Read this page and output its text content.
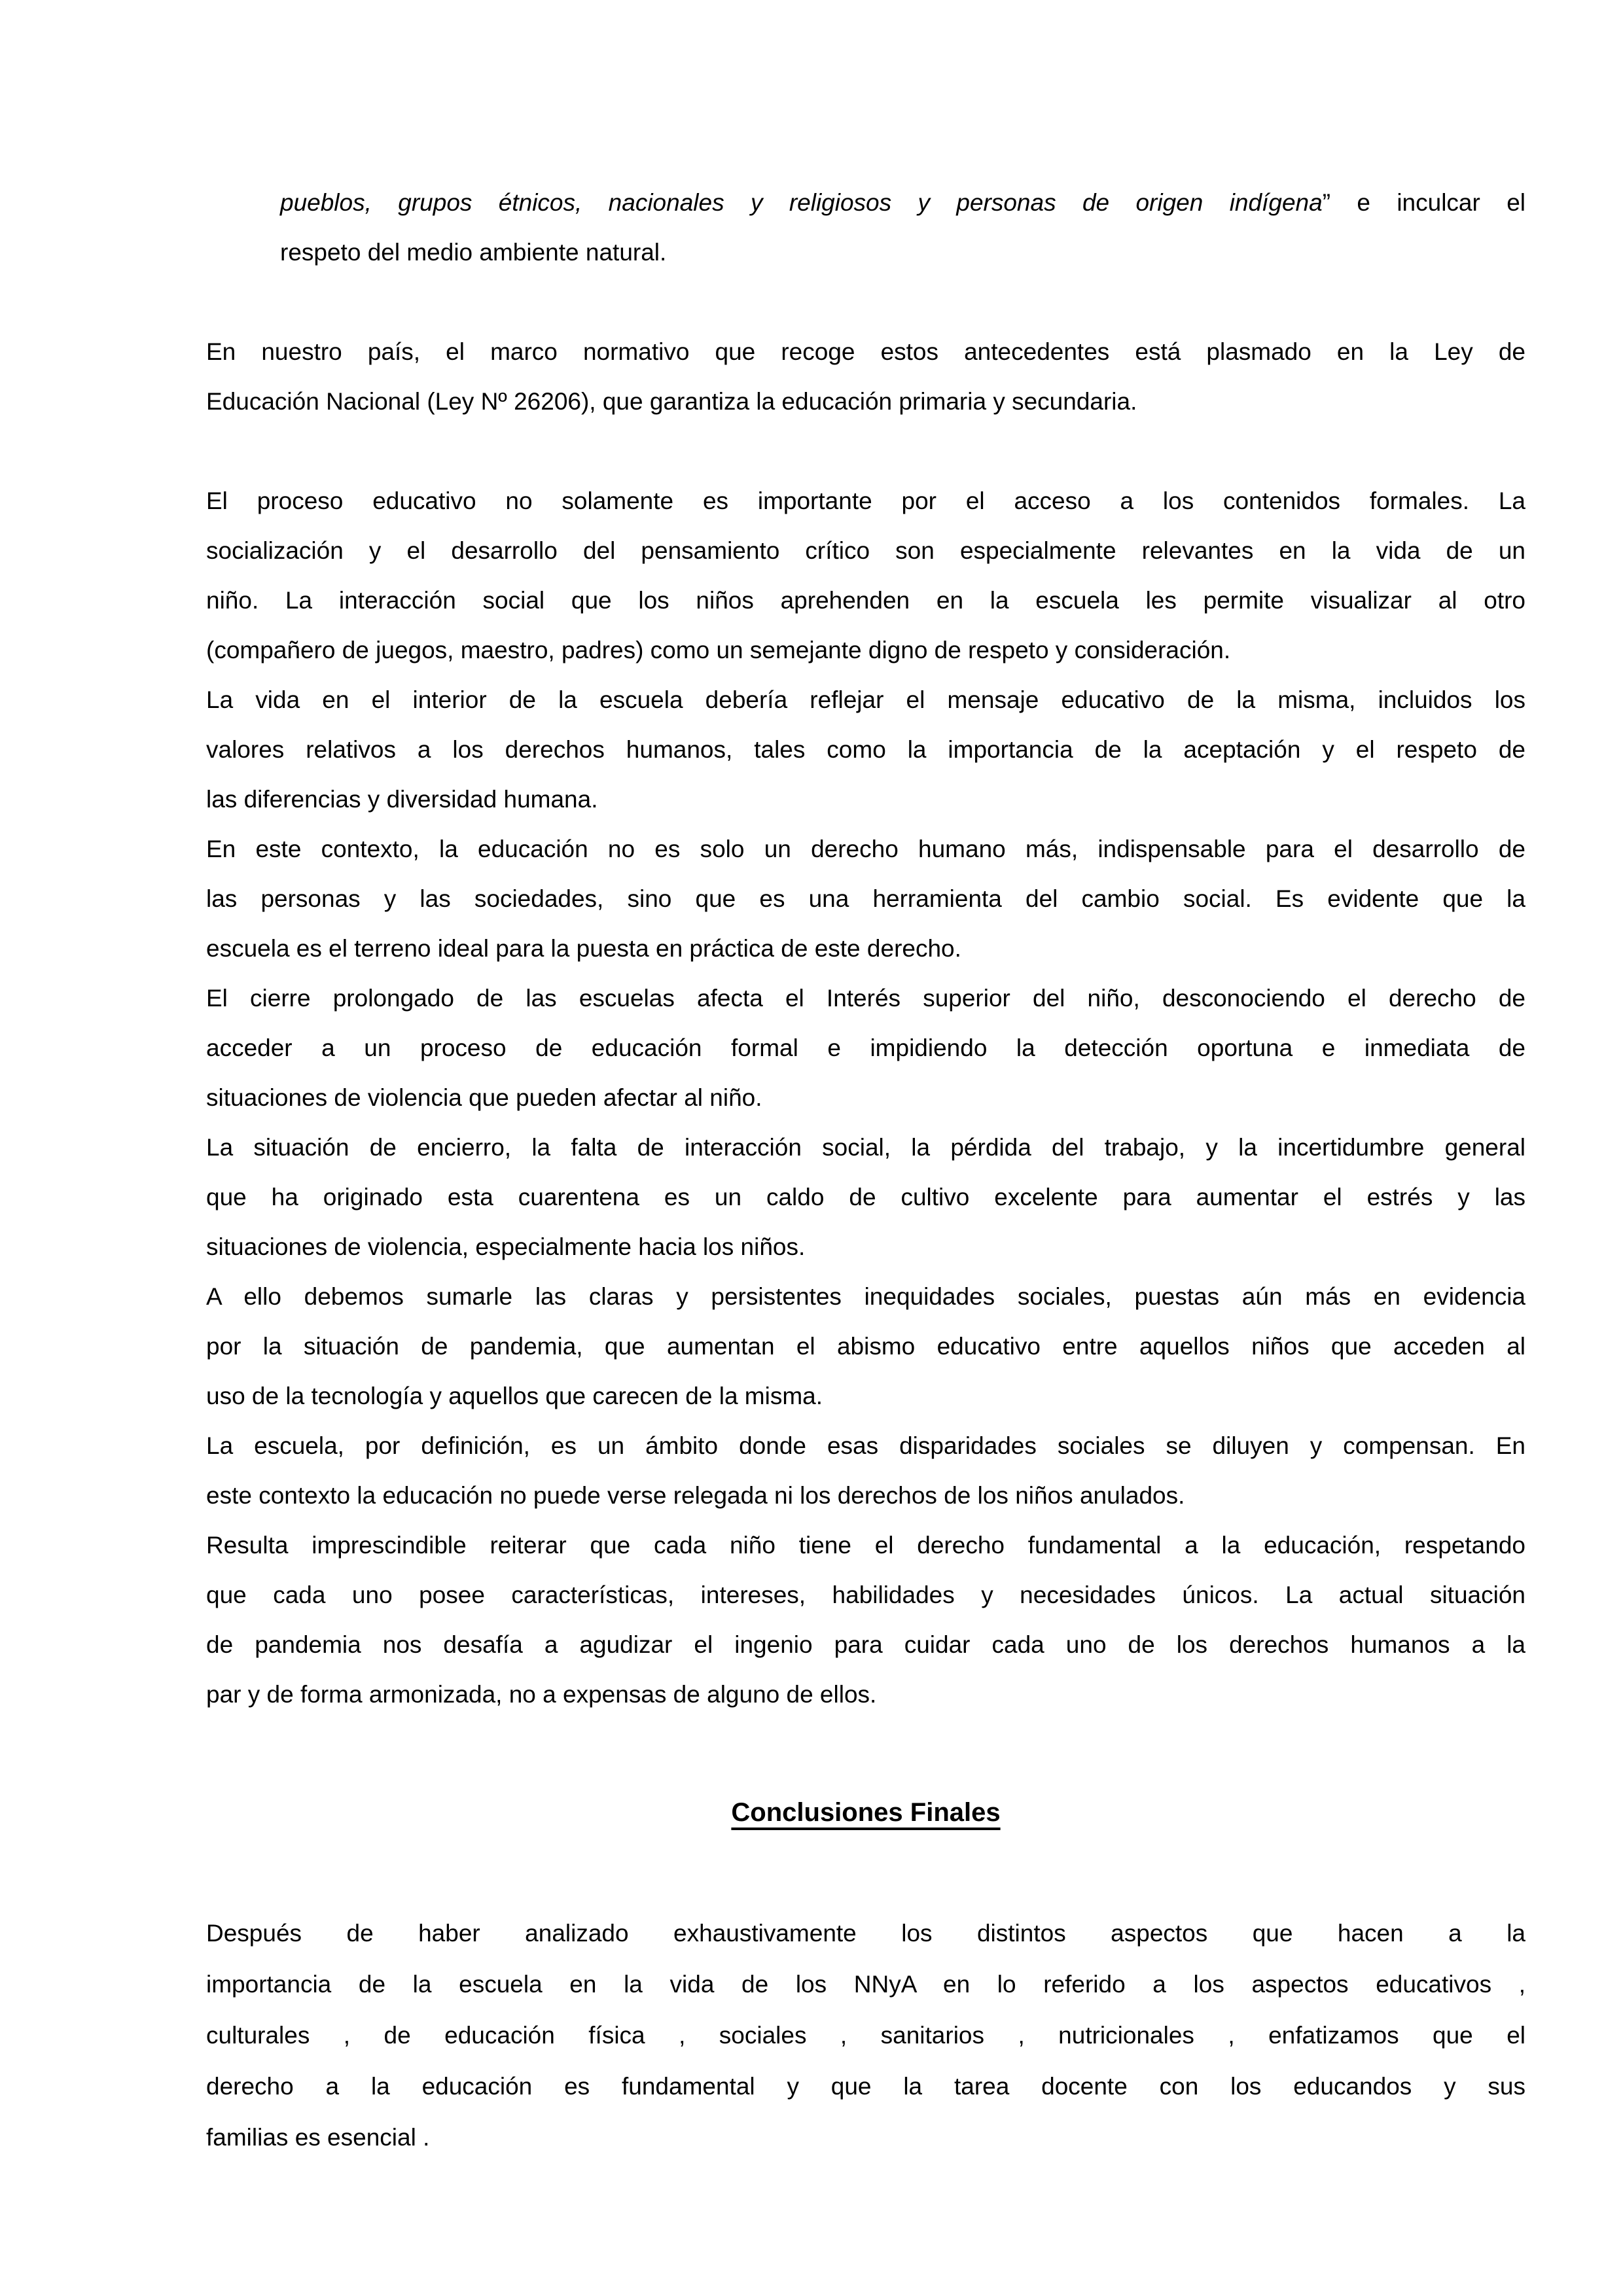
pueblos, grupos étnicos, nacionales y religiosos y personas de origen indígena” e inculcar el
respeto del medio ambiente natural.
En nuestro país, el marco normativo que recoge estos antecedentes está plasmado en la Ley de
Educación Nacional (Ley Nº 26206), que garantiza la educación primaria y secundaria.
El proceso educativo no solamente es importante por el acceso a los contenidos formales. La
socialización y el desarrollo del pensamiento crítico son especialmente relevantes en la vida de un
niño. La interacción social que los niños aprehenden en la escuela les permite visualizar al otro
(compañero de juegos, maestro, padres) como un semejante digno de respeto y consideración.
La vida en el interior de la escuela debería reflejar el mensaje educativo de la misma, incluidos los
valores relativos a los derechos humanos, tales como la importancia de la aceptación y el respeto de
las diferencias y diversidad humana.
En este contexto, la educación no es solo un derecho humano más, indispensable para el desarrollo de
las personas y las sociedades, sino que es una herramienta del cambio social. Es evidente que la
escuela es el terreno ideal para la puesta en práctica de este derecho.
El cierre prolongado de las escuelas afecta el Interés superior del niño, desconociendo el derecho de
acceder a un proceso de educación formal e impidiendo la detección oportuna e inmediata de
situaciones de violencia que pueden afectar al niño.
La situación de encierro, la falta de interacción social, la pérdida del trabajo, y la incertidumbre general
que ha originado esta cuarentena es un caldo de cultivo excelente para aumentar el estrés y las
situaciones de violencia, especialmente hacia los niños.
A ello debemos sumarle las claras y persistentes inequidades sociales, puestas aún más en evidencia
por la situación de pandemia, que aumentan el abismo educativo entre aquellos niños que acceden al
uso de la tecnología y aquellos que carecen de la misma.
La escuela, por definición, es un ámbito donde esas disparidades sociales se diluyen y compensan. En
este contexto la educación no puede verse relegada ni los derechos de los niños anulados.
Resulta imprescindible reiterar que cada niño tiene el derecho fundamental a la educación, respetando
que cada uno posee características, intereses, habilidades y necesidades únicos. La actual situación
de pandemia nos desafía a agudizar el ingenio para cuidar cada uno de los derechos humanos a la
par y de forma armonizada, no a expensas de alguno de ellos.
Conclusiones Finales
Después de haber analizado exhaustivamente los distintos aspectos que hacen a la
importancia de la escuela en la vida de los NNyA en lo referido a los aspectos educativos ,
culturales , de educación física , sociales , sanitarios , nutricionales , enfatizamos que el
derecho a la educación es fundamental y que la tarea docente con los educandos y sus
familias es esencial .
